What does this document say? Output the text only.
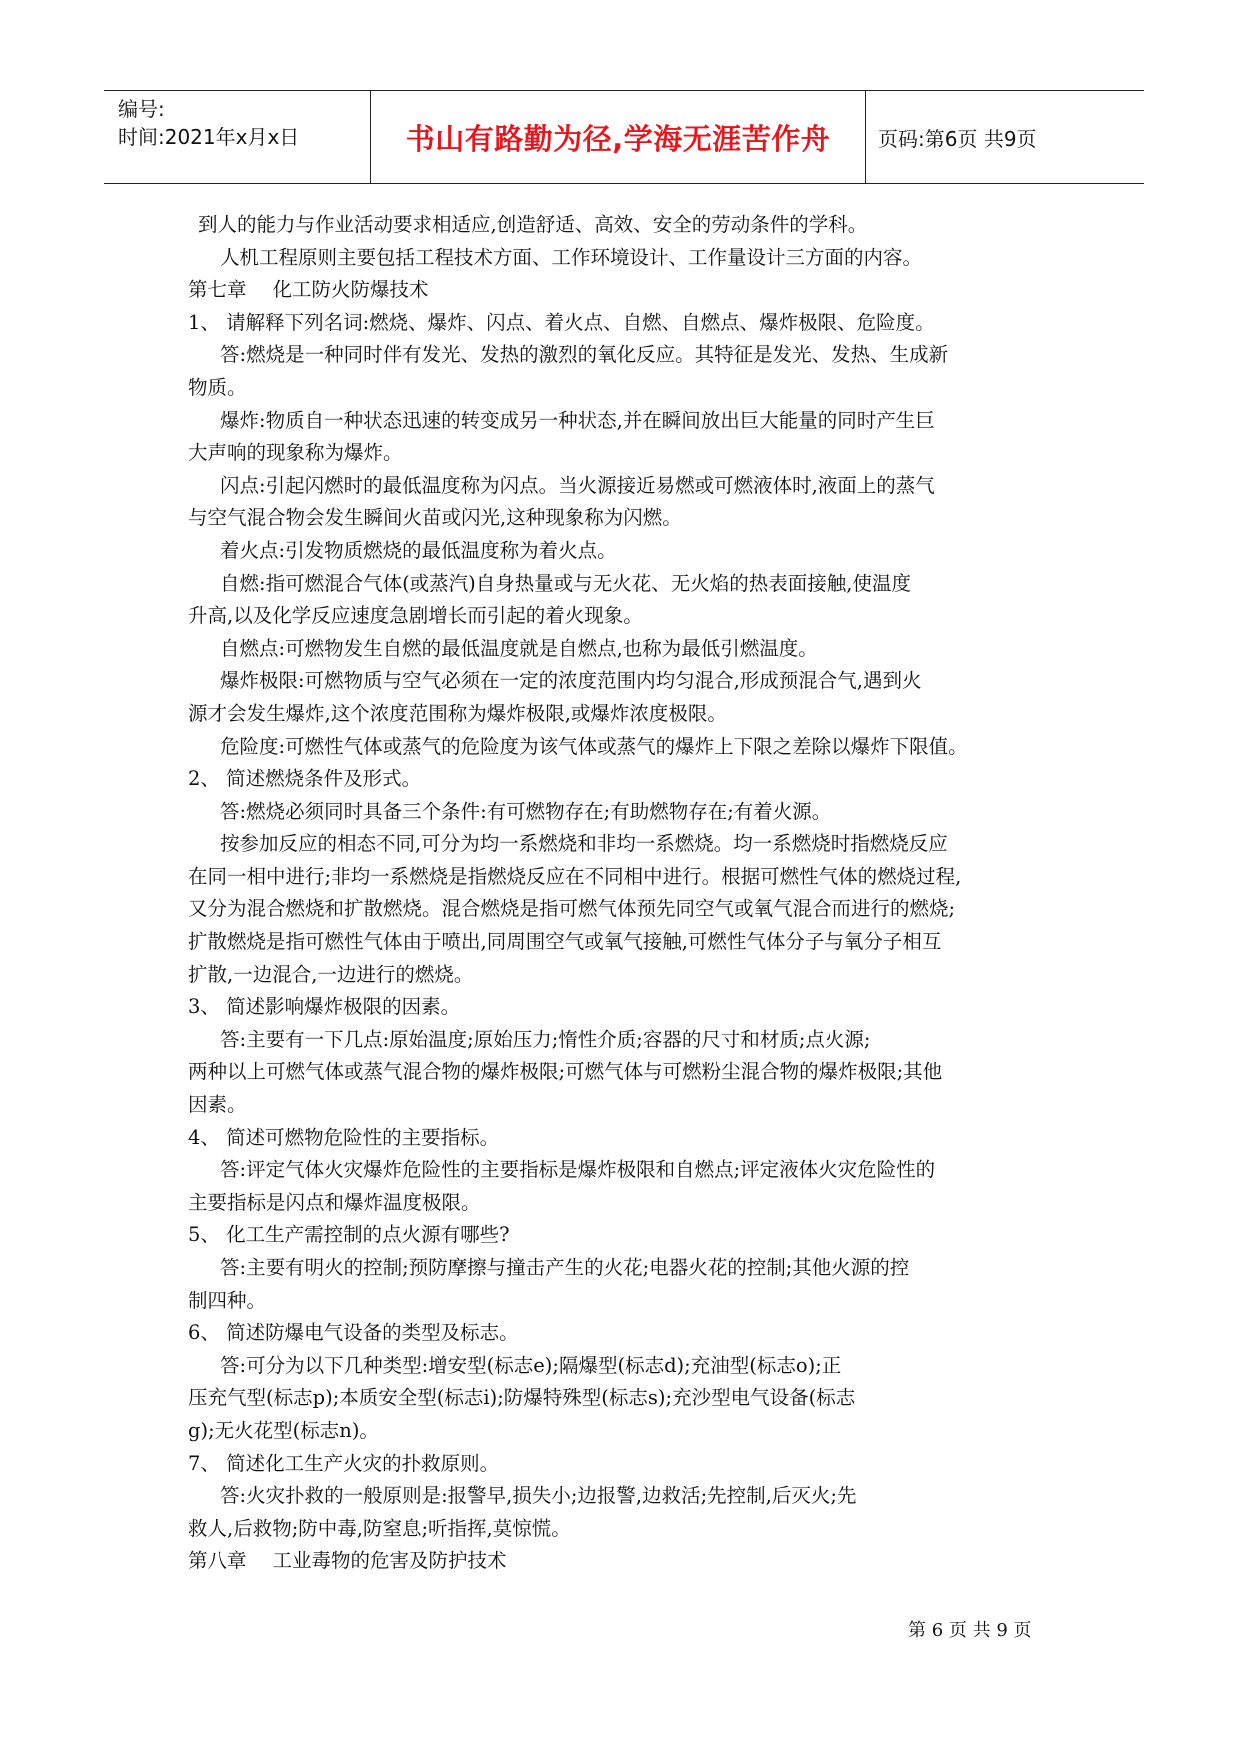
编号:
时间:2021年x月x日	书山有路勤为径,学海无涯苦作舟	页码:第6页 共9页
到人的能力与作业活动要求相适应,创造舒适、高效、安全的劳动条件的学科。
人机工程原则主要包括工程技术方面、工作环境设计、工作量设计三方面的内容。
第七章 化工防火防爆技术
1、 请解释下列名词:燃烧、爆炸、闪点、着火点、自燃、自燃点、爆炸极限、危险度。
答:燃烧是一种同时伴有发光、发热的激烈的氧化反应。其特征是发光、发热、生成新
物质。
爆炸:物质自一种状态迅速的转变成另一种状态,并在瞬间放出巨大能量的同时产生巨
大声响的现象称为爆炸。
闪点:引起闪燃时的最低温度称为闪点。当火源接近易燃或可燃液体时,液面上的蒸气
与空气混合物会发生瞬间火苗或闪光,这种现象称为闪燃。
着火点:引发物质燃烧的最低温度称为着火点。
自燃:指可燃混合气体(或蒸汽)自身热量或与无火花、无火焰的热表面接触,使温度
升高,以及化学反应速度急剧增长而引起的着火现象。
自燃点:可燃物发生自燃的最低温度就是自燃点,也称为最低引燃温度。
爆炸极限:可燃物质与空气必须在一定的浓度范围内均匀混合,形成预混合气,遇到火
源才会发生爆炸,这个浓度范围称为爆炸极限,或爆炸浓度极限。
危险度:可燃性气体或蒸气的危险度为该气体或蒸气的爆炸上下限之差除以爆炸下限值。
2、 简述燃烧条件及形式。
答:燃烧必须同时具备三个条件:有可燃物存在;有助燃物存在;有着火源。
按参加反应的相态不同,可分为均一系燃烧和非均一系燃烧。均一系燃烧时指燃烧反应
在同一相中进行;非均一系燃烧是指燃烧反应在不同相中进行。根据可燃性气体的燃烧过程,
又分为混合燃烧和扩散燃烧。混合燃烧是指可燃气体预先同空气或氧气混合而进行的燃烧;
扩散燃烧是指可燃性气体由于喷出,同周围空气或氧气接触,可燃性气体分子与氧分子相互
扩散,一边混合,一边进行的燃烧。
3、 简述影响爆炸极限的因素。
答:主要有一下几点:原始温度;原始压力;惰性介质;容器的尺寸和材质;点火源;
两种以上可燃气体或蒸气混合物的爆炸极限;可燃气体与可燃粉尘混合物的爆炸极限;其他
因素。
4、 简述可燃物危险性的主要指标。
答:评定气体火灾爆炸危险性的主要指标是爆炸极限和自燃点;评定液体火灾危险性的
主要指标是闪点和爆炸温度极限。
5、 化工生产需控制的点火源有哪些?
答:主要有明火的控制;预防摩擦与撞击产生的火花;电器火花的控制;其他火源的控
制四种。
6、 简述防爆电气设备的类型及标志。
答:可分为以下几种类型:增安型(标志e);隔爆型(标志d);充油型(标志o);正
压充气型(标志p);本质安全型(标志i);防爆特殊型(标志s);充沙型电气设备(标志
g);无火花型(标志n)。
7、 简述化工生产火灾的扑救原则。
答:火灾扑救的一般原则是:报警早,损失小;边报警,边救活;先控制,后灭火;先
救人,后救物;防中毒,防窒息;听指挥,莫惊慌。
第八章 工业毒物的危害及防护技术
第 6 页 共 9 页
